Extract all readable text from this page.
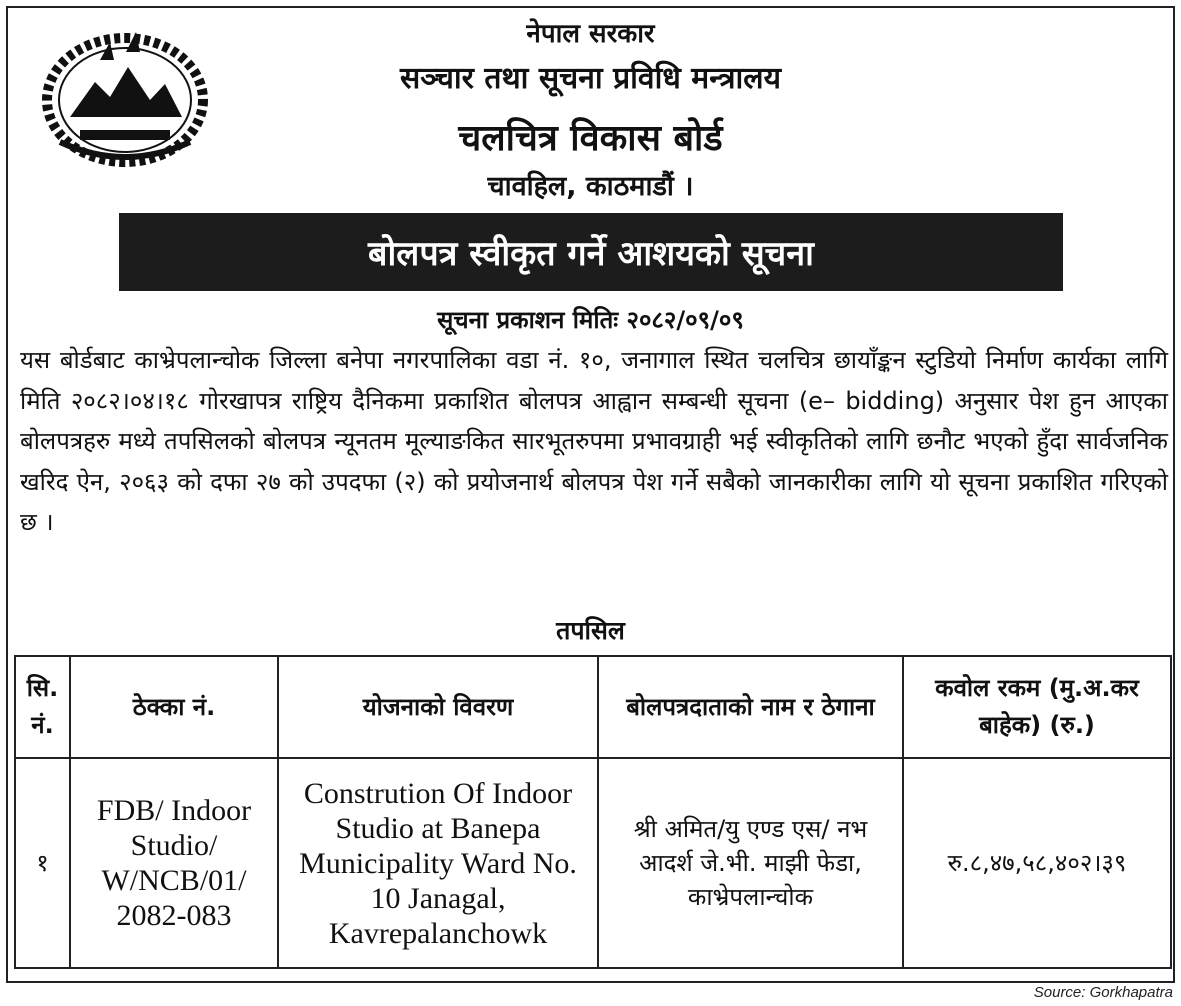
नेपाल सरकार
सञ्चार तथा सूचना प्रविधि मन्त्रालय
चलचित्र विकास बोर्ड
चावहिल, काठमाडौं ।
बोलपत्र स्वीकृत गर्ने आशयको सूचना
सूचना प्रकाशन मितिः २०८२/०९/०९

यस बोर्डबाट काभ्रेपलान्चोक जिल्ला बनेपा नगरपालिका वडा नं. १०, जनागाल स्थित चलचित्र छायाँङ्कन स्टुडियो निर्माण कार्यका लागि मिति २०८२।०४।१८ गोरखापत्र राष्ट्रिय दैनिकमा प्रकाशित बोलपत्र आह्वान सम्बन्धी सूचना (e– bidding) अनुसार पेश हुन आएका बोलपत्रहरु मध्ये तपसिलको बोलपत्र न्यूनतम मूल्याङकित सारभूतरुपमा प्रभावग्राही भई स्वीकृतिको लागि छनौट भएको हुँदा सार्वजनिक खरिद ऐन, २०६३ को दफा २७ को उपदफा (२) को प्रयोजनार्थ बोलपत्र पेश गर्ने सबैको जानकारीका लागि यो सूचना प्रकाशित गरिएको छ ।

तपसिल
सि. नं.	ठेक्का नं.	योजनाको विवरण	बोलपत्रदाताको नाम र ठेगाना	कवोल रकम (मु.अ.कर बाहेक) (रु.)
१	FDB/ Indoor Studio/ W/NCB/01/ 2082-083	Constrution Of Indoor Studio at Banepa Municipality Ward No. 10 Janagal, Kavrepalanchowk	श्री अमित/यु एण्ड एस/ नभ आदर्श जे.भी. माझी फेडा, काभ्रेपलान्चोक	रु.८,४७,५८,४०२।३९
Source: Gorkhapatra
